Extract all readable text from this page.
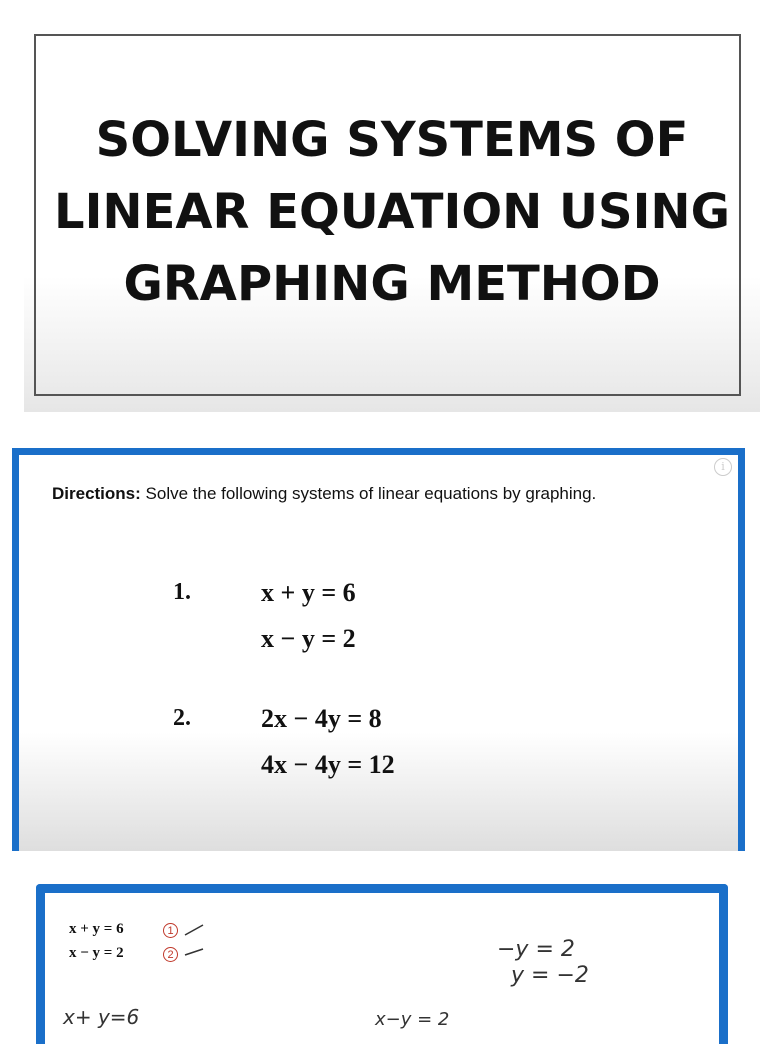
SOLVING SYSTEMS OF
LINEAR EQUATION USING
GRAPHING METHOD
i
Directions: Solve the following systems of linear equations by graphing.
1.	x + y = 6
x − y = 2
2.	2x − 4y = 8
4x − 4y = 12
x + y = 6	1
x − y = 2	2	−y = 2
y = −2
x+ y=6	x−y = 2
